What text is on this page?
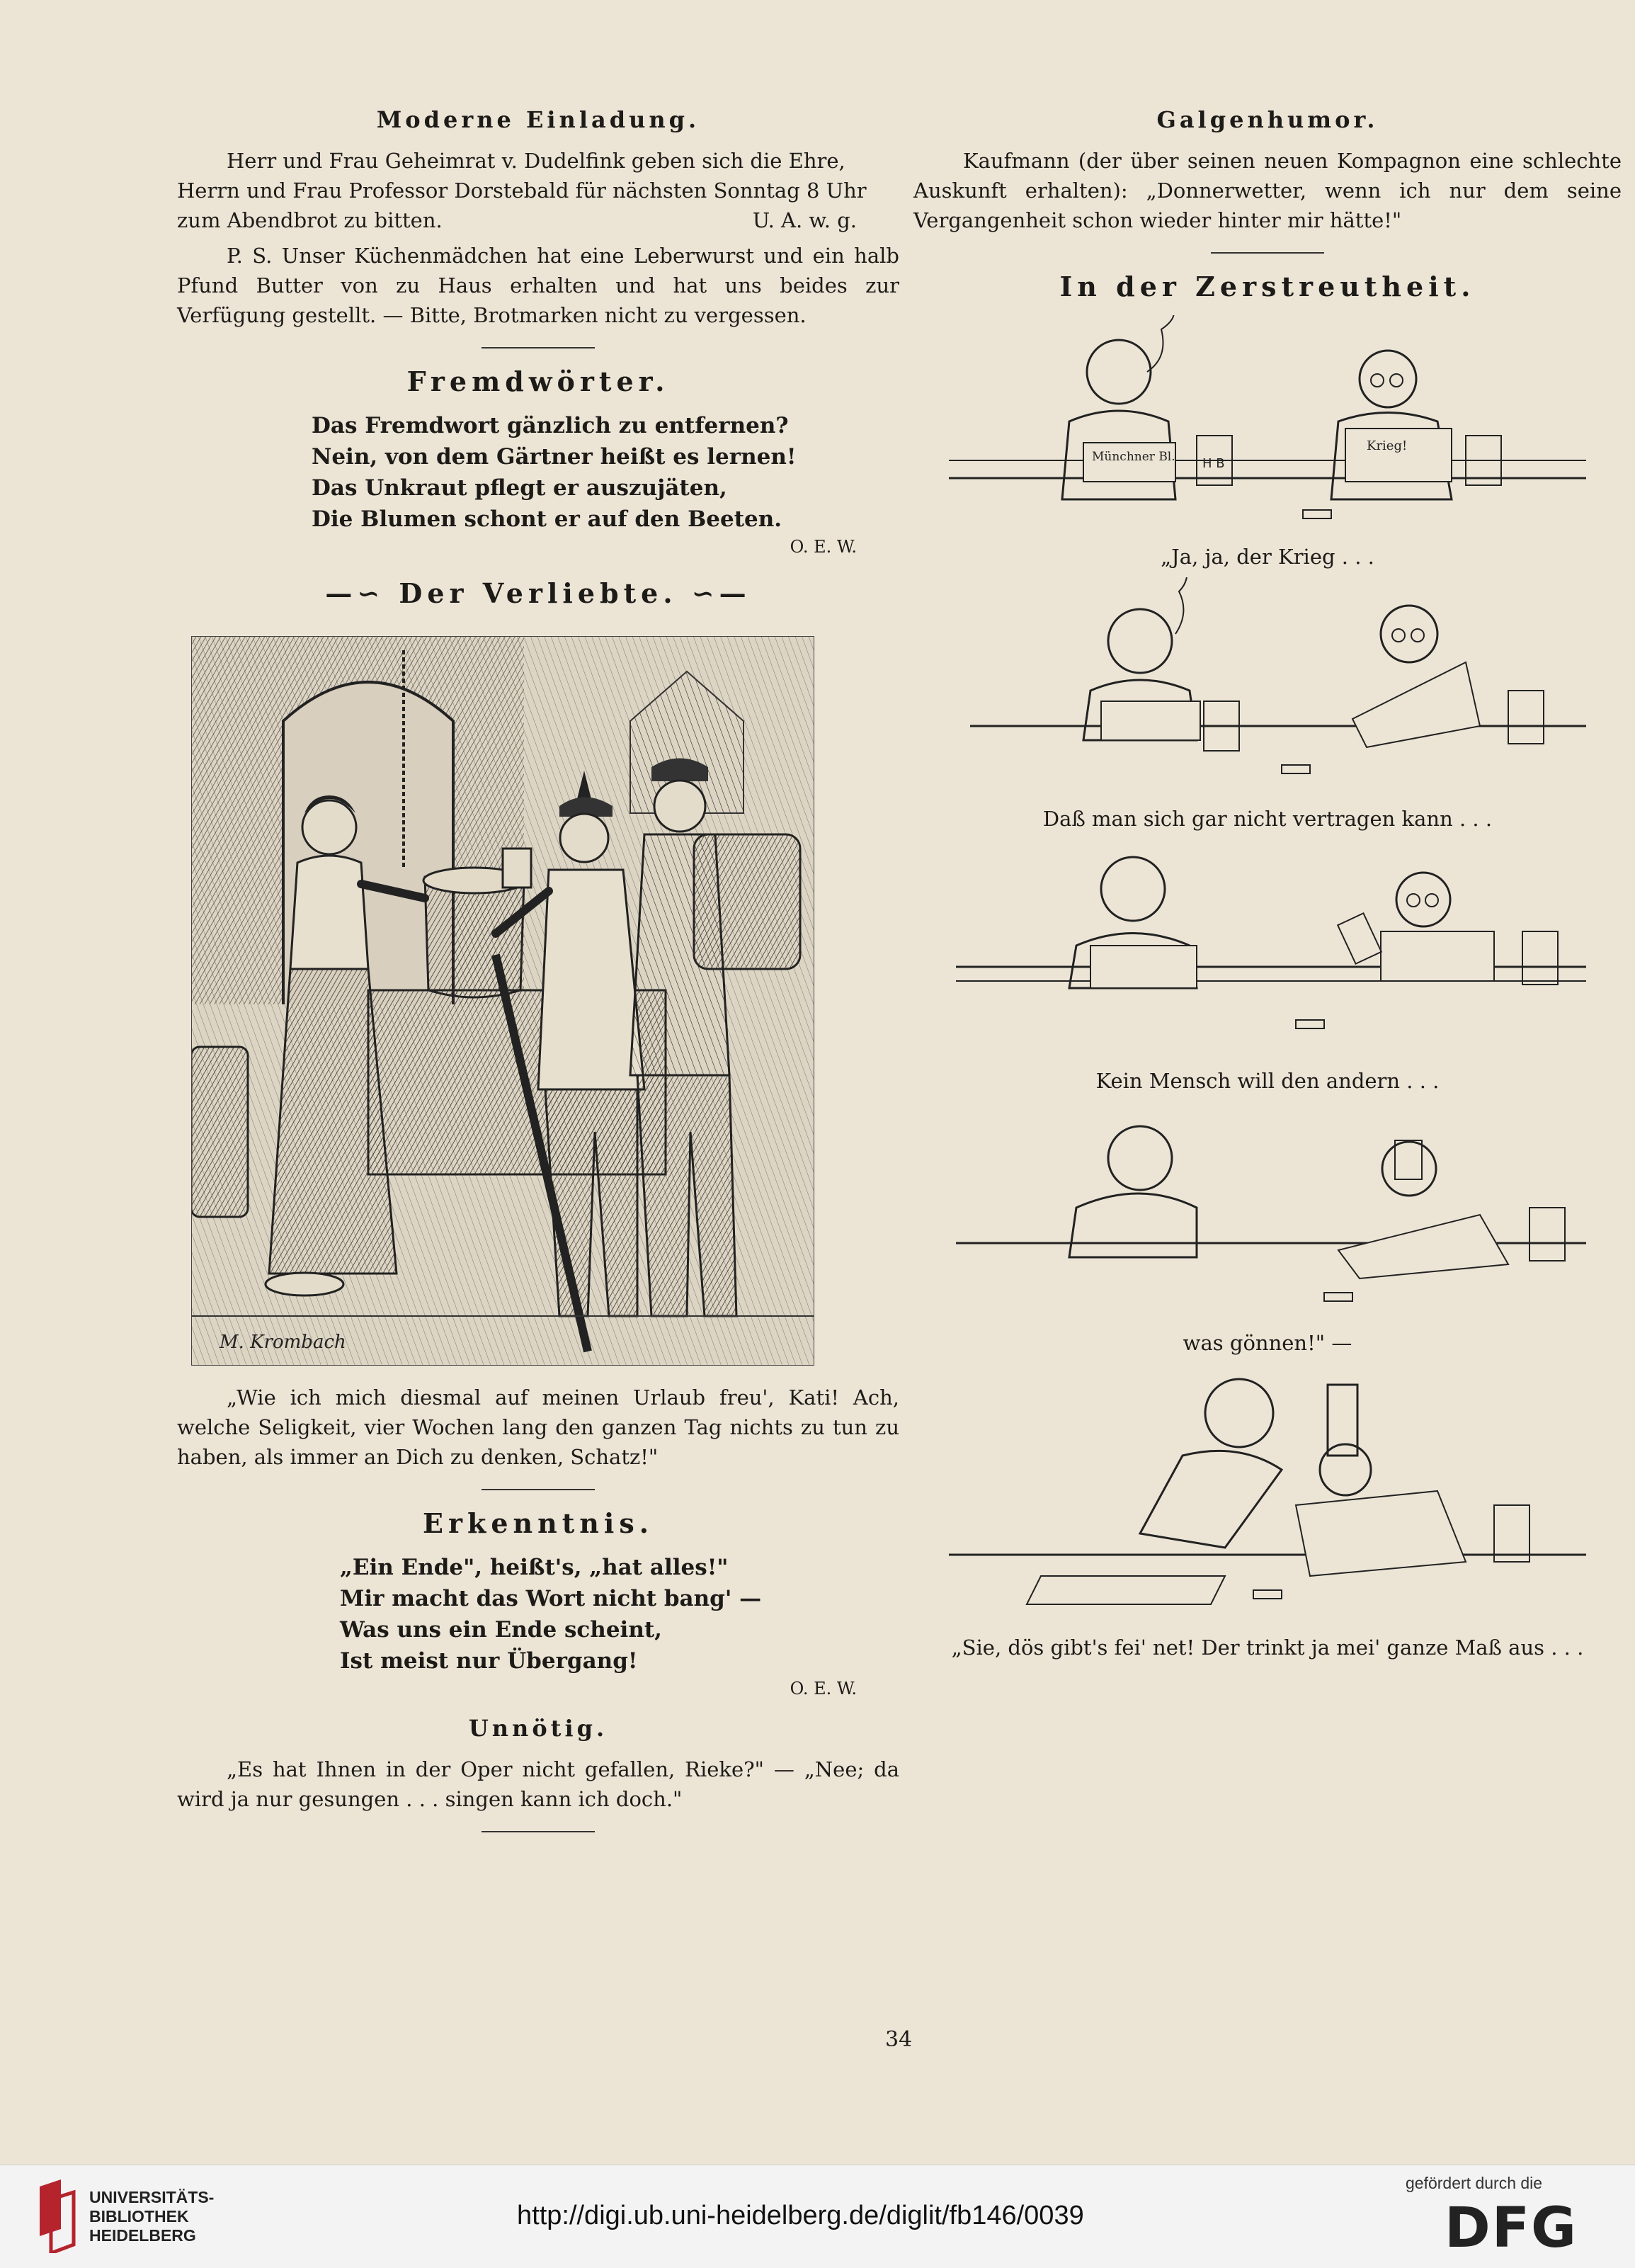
Moderne Einladung.
Herr und Frau Geheimrat v. Dudelfink geben sich die Ehre,
Herrn und Frau Professor Dorstebald für nächsten Sonntag 8 Uhr
zum Abendbrot zu bitten.	U. A. w. g.

P. S. Unser Küchenmädchen hat eine Leberwurst und ein halb Pfund Butter von zu Haus erhalten und hat uns beides zur Verfügung gestellt. — Bitte, Brotmarken nicht zu vergessen.

Fremdwörter.

Das Fremdwort gänzlich zu entfernen?

Nein, von dem Gärtner heißt es lernen!

Das Unkraut pflegt er auszujäten,

Die Blumen schont er auf den Beeten.

O. E. W.
—∽ Der Verliebte. ∽—
M. Krombach

„Wie ich mich diesmal auf meinen Urlaub freu', Kati! Ach, welche Seligkeit, vier Wochen lang den ganzen Tag nichts zu tun zu haben, als immer an Dich zu denken, Schatz!"

Erkenntnis.

„Ein Ende", heißt's, „hat alles!"

Mir macht das Wort nicht bang' —

Was uns ein Ende scheint,

Ist meist nur Übergang!

O. E. W.
Unnötig.

„Es hat Ihnen in der Oper nicht gefallen, Rieke?" — „Nee; da wird ja nur gesungen . . . singen kann ich doch."

Galgenhumor.

Kaufmann (der über seinen neuen Kompagnon eine schlechte Auskunft erhalten): „Donnerwetter, wenn ich nur dem seine Vergangenheit schon wieder hinter mir hätte!"

In der Zerstreutheit.
Münchner Bl. H B
Krieg!
„Ja, ja, der Krieg . . .
Daß man sich gar nicht vertragen kann . . .
Kein Mensch will den andern . . .
was gönnen!" —
„Sie, dös gibt's fei' net! Der trinkt ja mei' ganze Maß aus . . .
34
UNIVERSITÄTS-
BIBLIOTHEK
HEIDELBERG
http://digi.ub.uni-heidelberg.de/diglit/fb146/0039
gefördert durch die
DFG
